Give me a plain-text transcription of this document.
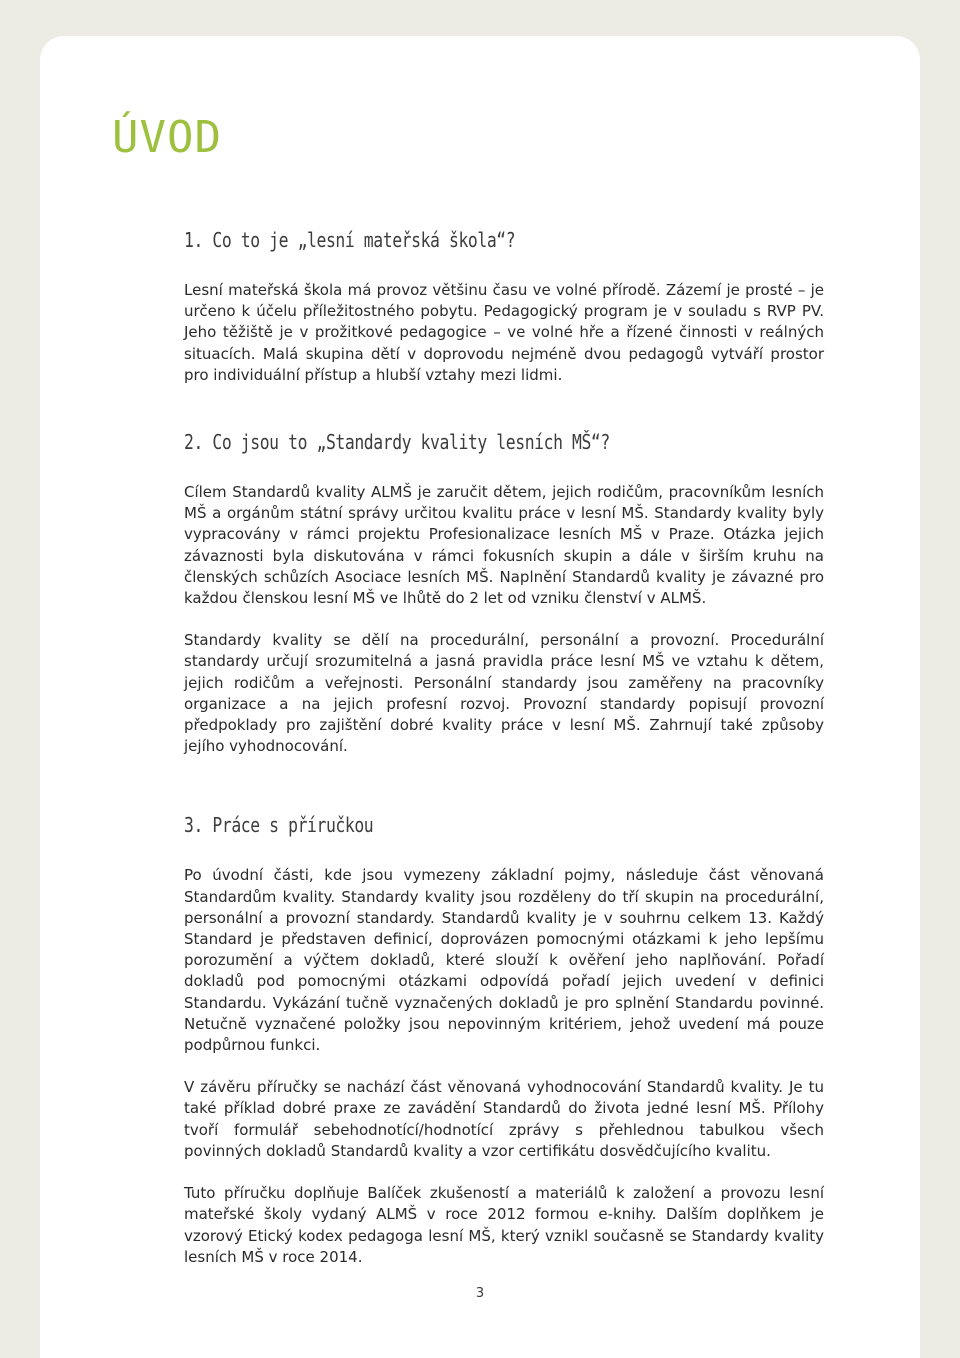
ÚVOD
1. Co to je „lesní mateřská škola“?

Lesní mateřská škola má provoz většinu času ve volné přírodě. Zázemí je prosté – je určeno k účelu příležitostného pobytu. Pedagogický program je v souladu s RVP PV. Jeho těžiště je v prožitkové pedagogice – ve volné hře a řízené činnosti v reálných situacích. Malá skupina dětí v doprovodu nejméně dvou pedagogů vytváří prostor pro individuální přístup a hlubší vztahy mezi lidmi.

2. Co jsou to „Standardy kvality lesních MŠ“?

Cílem Standardů kvality ALMŠ je zaručit dětem, jejich rodičům, pracovníkům lesních MŠ a orgánům státní správy určitou kvalitu práce v lesní MŠ. Standardy kvality byly vypracovány v rámci projektu Profesionalizace lesních MŠ v Praze. Otázka jejich závaznosti byla diskutována v rámci fokusních skupin a dále v širším kruhu na členských schůzích Asociace lesních MŠ. Naplnění Standardů kvality je závazné pro každou členskou lesní MŠ ve lhůtě do 2 let od vzniku členství v ALMŠ.

Standardy kvality se dělí na procedurální, personální a provozní. Procedurální standardy určují srozumitelná a jasná pravidla práce lesní MŠ ve vztahu k dětem, jejich rodičům a veřejnosti. Personální standardy jsou zaměřeny na pracovníky organizace a na jejich profesní rozvoj. Provozní standardy popisují provozní předpoklady pro zajištění dobré kvality práce v lesní MŠ. Zahrnují také způsoby jejího vyhodnocování.

3. Práce s příručkou

Po úvodní části, kde jsou vymezeny základní pojmy, následuje část věnovaná Standardům kvality. Standardy kvality jsou rozděleny do tří skupin na procedurální, personální a provozní standardy. Standardů kvality je v souhrnu celkem 13. Každý Standard je představen definicí, doprovázen pomocnými otázkami k jeho lepšímu porozumění a výčtem dokladů, které slouží k ověření jeho naplňování. Pořadí dokladů pod pomocnými otázkami odpovídá pořadí jejich uvedení v definici Standardu. Vykázání tučně vyznačených dokladů je pro splnění Standardu povinné. Netučně vyznačené položky jsou nepovinným kritériem, jehož uvedení má pouze podpůrnou funkci.

V závěru příručky se nachází část věnovaná vyhodnocování Standardů kvality. Je tu také příklad dobré praxe ze zavádění Standardů do života jedné lesní MŠ. Přílohy tvoří formulář sebehodnotící/hodnotící zprávy s přehlednou tabulkou všech povinných dokladů Standardů kvality a vzor certifikátu dosvědčujícího kvalitu.

Tuto příručku doplňuje Balíček zkušeností a materiálů k založení a provozu lesní mateřské školy vydaný ALMŠ v roce 2012 formou e-knihy. Dalším doplňkem je vzorový Etický kodex pedagoga lesní MŠ, který vznikl současně se Standardy kvality lesních MŠ v roce 2014.

3
